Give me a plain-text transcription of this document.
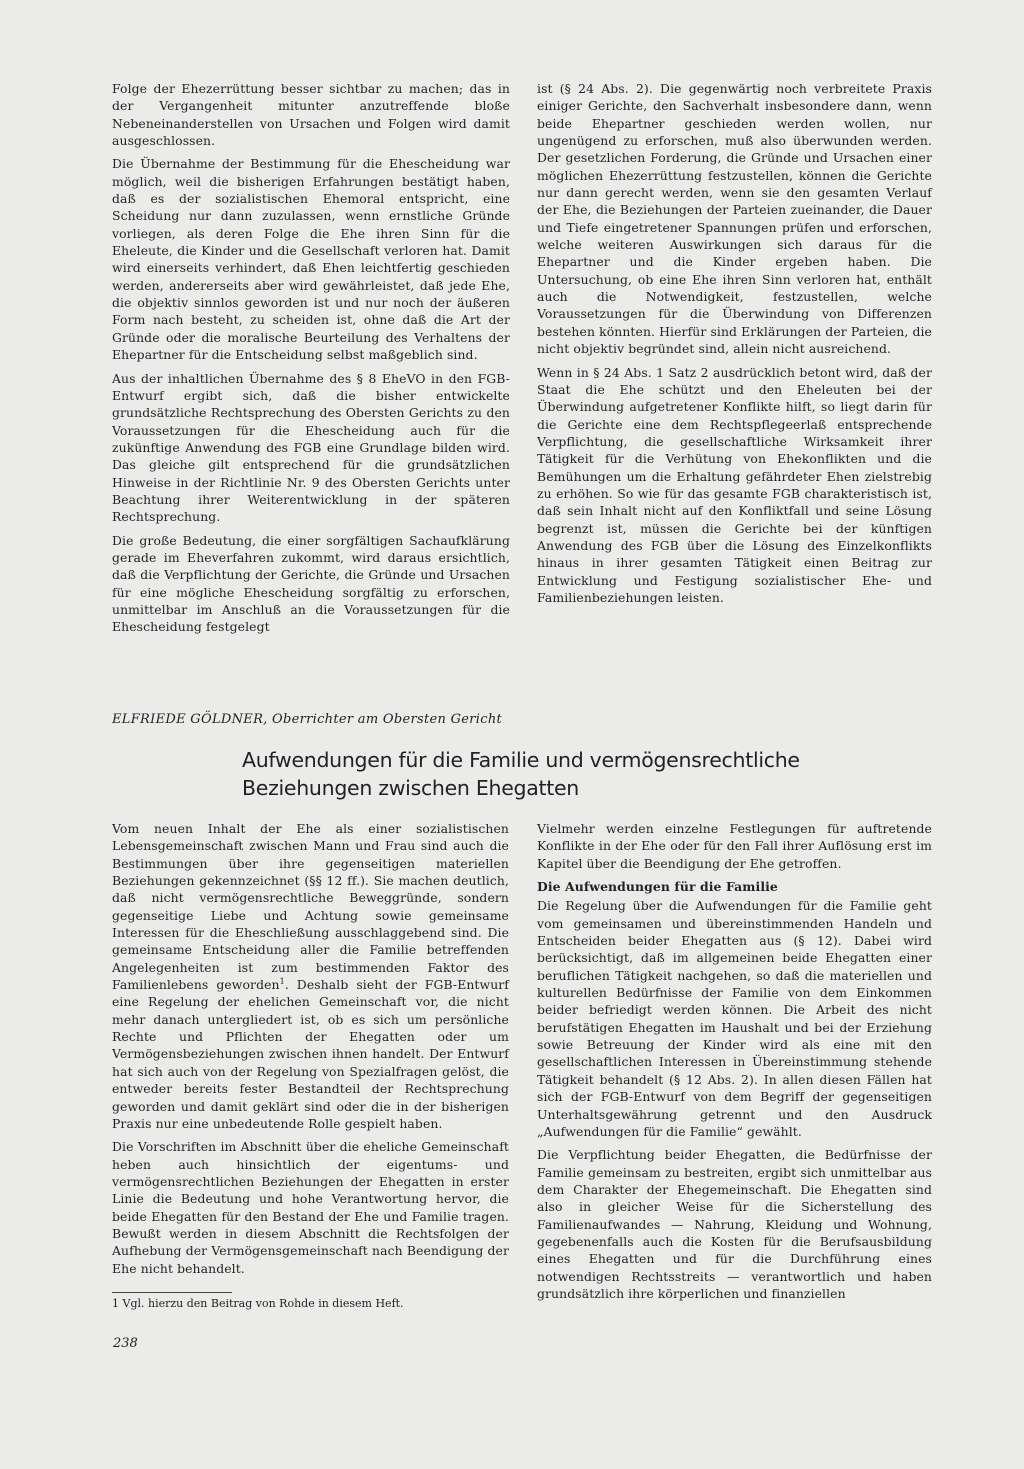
Folge der Ehezerrüttung besser sichtbar zu machen; das in der Vergangenheit mitunter anzutreffende bloße Nebeneinanderstellen von Ursachen und Folgen wird damit ausgeschlossen.

Die Übernahme der Bestimmung für die Ehescheidung war möglich, weil die bisherigen Erfahrungen bestätigt haben, daß es der sozialistischen Ehemoral entspricht, eine Scheidung nur dann zuzulassen, wenn ernstliche Gründe vorliegen, als deren Folge die Ehe ihren Sinn für die Eheleute, die Kinder und die Gesellschaft verloren hat. Damit wird einerseits verhindert, daß Ehen leichtfertig geschieden werden, andererseits aber wird gewährleistet, daß jede Ehe, die objektiv sinnlos geworden ist und nur noch der äußeren Form nach besteht, zu scheiden ist, ohne daß die Art der Gründe oder die moralische Beurteilung des Verhaltens der Ehepartner für die Entscheidung selbst maßgeblich sind.

Aus der inhaltlichen Übernahme des § 8 EheVO in den FGB-Entwurf ergibt sich, daß die bisher entwickelte grundsätzliche Rechtsprechung des Obersten Gerichts zu den Voraussetzungen für die Ehescheidung auch für die zukünftige Anwendung des FGB eine Grundlage bilden wird. Das gleiche gilt entsprechend für die grundsätzlichen Hinweise in der Richtlinie Nr. 9 des Obersten Gerichts unter Beachtung ihrer Weiterentwicklung in der späteren Rechtsprechung.

Die große Bedeutung, die einer sorgfältigen Sachaufklärung gerade im Eheverfahren zukommt, wird daraus ersichtlich, daß die Verpflichtung der Gerichte, die Gründe und Ursachen für eine mögliche Ehescheidung sorgfältig zu erforschen, unmittelbar im Anschluß an die Voraussetzungen für die Ehescheidung festgelegt

ist (§ 24 Abs. 2). Die gegenwärtig noch verbreitete Praxis einiger Gerichte, den Sachverhalt insbesondere dann, wenn beide Ehepartner geschieden werden wollen, nur ungenügend zu erforschen, muß also überwunden werden. Der gesetzlichen Forderung, die Gründe und Ursachen einer möglichen Ehezerrüttung festzustellen, können die Gerichte nur dann gerecht werden, wenn sie den gesamten Verlauf der Ehe, die Beziehungen der Parteien zueinander, die Dauer und Tiefe eingetretener Spannungen prüfen und erforschen, welche weiteren Auswirkungen sich daraus für die Ehepartner und die Kinder ergeben haben. Die Untersuchung, ob eine Ehe ihren Sinn verloren hat, enthält auch die Notwendigkeit, festzustellen, welche Voraussetzungen für die Überwindung von Differenzen bestehen könnten. Hierfür sind Erklärungen der Parteien, die nicht objektiv begründet sind, allein nicht ausreichend.

Wenn in § 24 Abs. 1 Satz 2 ausdrücklich betont wird, daß der Staat die Ehe schützt und den Eheleuten bei der Überwindung aufgetretener Konflikte hilft, so liegt darin für die Gerichte eine dem Rechtspflegeerlaß entsprechende Verpflichtung, die gesellschaftliche Wirksamkeit ihrer Tätigkeit für die Verhütung von Ehekonflikten und die Bemühungen um die Erhaltung gefährdeter Ehen zielstrebig zu erhöhen. So wie für das gesamte FGB charakteristisch ist, daß sein Inhalt nicht auf den Konfliktfall und seine Lösung begrenzt ist, müssen die Gerichte bei der künftigen Anwendung des FGB über die Lösung des Einzelkonflikts hinaus in ihrer gesamten Tätigkeit einen Beitrag zur Entwicklung und Festigung sozialistischer Ehe- und Familienbeziehungen leisten.

ELFRIEDE GÖLDNER, Oberrichter am Obersten Gericht
Aufwendungen für die Familie und vermögensrechtliche
Beziehungen zwischen Ehegatten

Vom neuen Inhalt der Ehe als einer sozialistischen Lebensgemeinschaft zwischen Mann und Frau sind auch die Bestimmungen über ihre gegenseitigen materiellen Beziehungen gekennzeichnet (§§ 12 ff.). Sie machen deutlich, daß nicht vermögensrechtliche Beweggründe, sondern gegenseitige Liebe und Achtung sowie gemeinsame Interessen für die Eheschließung ausschlaggebend sind. Die gemeinsame Entscheidung aller die Familie betreffenden Angelegenheiten ist zum bestimmenden Faktor des Familienlebens geworden$^1$. Deshalb sieht der FGB-Entwurf eine Regelung der ehelichen Gemeinschaft vor, die nicht mehr danach untergliedert ist, ob es sich um persönliche Rechte und Pflichten der Ehegatten oder um Vermögensbeziehungen zwischen ihnen handelt. Der Entwurf hat sich auch von der Regelung von Spezialfragen gelöst, die entweder bereits fester Bestandteil der Rechtsprechung geworden und damit geklärt sind oder die in der bisherigen Praxis nur eine unbedeutende Rolle gespielt haben.

Die Vorschriften im Abschnitt über die eheliche Gemeinschaft heben auch hinsichtlich der eigentums- und vermögensrechtlichen Beziehungen der Ehegatten in erster Linie die Bedeutung und hohe Verantwortung hervor, die beide Ehegatten für den Bestand der Ehe und Familie tragen. Bewußt werden in diesem Abschnitt die Rechtsfolgen der Aufhebung der Vermögensgemeinschaft nach Beendigung der Ehe nicht behandelt.

Vielmehr werden einzelne Festlegungen für auftretende Konflikte in der Ehe oder für den Fall ihrer Auflösung erst im Kapitel über die Beendigung der Ehe getroffen.

Die Aufwendungen für die Familie

Die Regelung über die Aufwendungen für die Familie geht vom gemeinsamen und übereinstimmenden Handeln und Entscheiden beider Ehegatten aus (§ 12). Dabei wird berücksichtigt, daß im allgemeinen beide Ehegatten einer beruflichen Tätigkeit nachgehen, so daß die materiellen und kulturellen Bedürfnisse der Familie von dem Einkommen beider befriedigt werden können. Die Arbeit des nicht berufstätigen Ehegatten im Haushalt und bei der Erziehung sowie Betreuung der Kinder wird als eine mit den gesellschaftlichen Interessen in Übereinstimmung stehende Tätigkeit behandelt (§ 12 Abs. 2). In allen diesen Fällen hat sich der FGB-Entwurf von dem Begriff der gegenseitigen Unterhaltsgewährung getrennt und den Ausdruck „Aufwendungen für die Familie“ gewählt.

Die Verpflichtung beider Ehegatten, die Bedürfnisse der Familie gemeinsam zu bestreiten, ergibt sich unmittelbar aus dem Charakter der Ehegemeinschaft. Die Ehegatten sind also in gleicher Weise für die Sicherstellung des Familienaufwandes — Nahrung, Kleidung und Wohnung, gegebenenfalls auch die Kosten für die Berufsausbildung eines Ehegatten und für die Durchführung eines notwendigen Rechtsstreits — verantwortlich und haben grundsätzlich ihre körperlichen und finanziellen

1 Vgl. hierzu den Beitrag von Rohde in diesem Heft.
238
